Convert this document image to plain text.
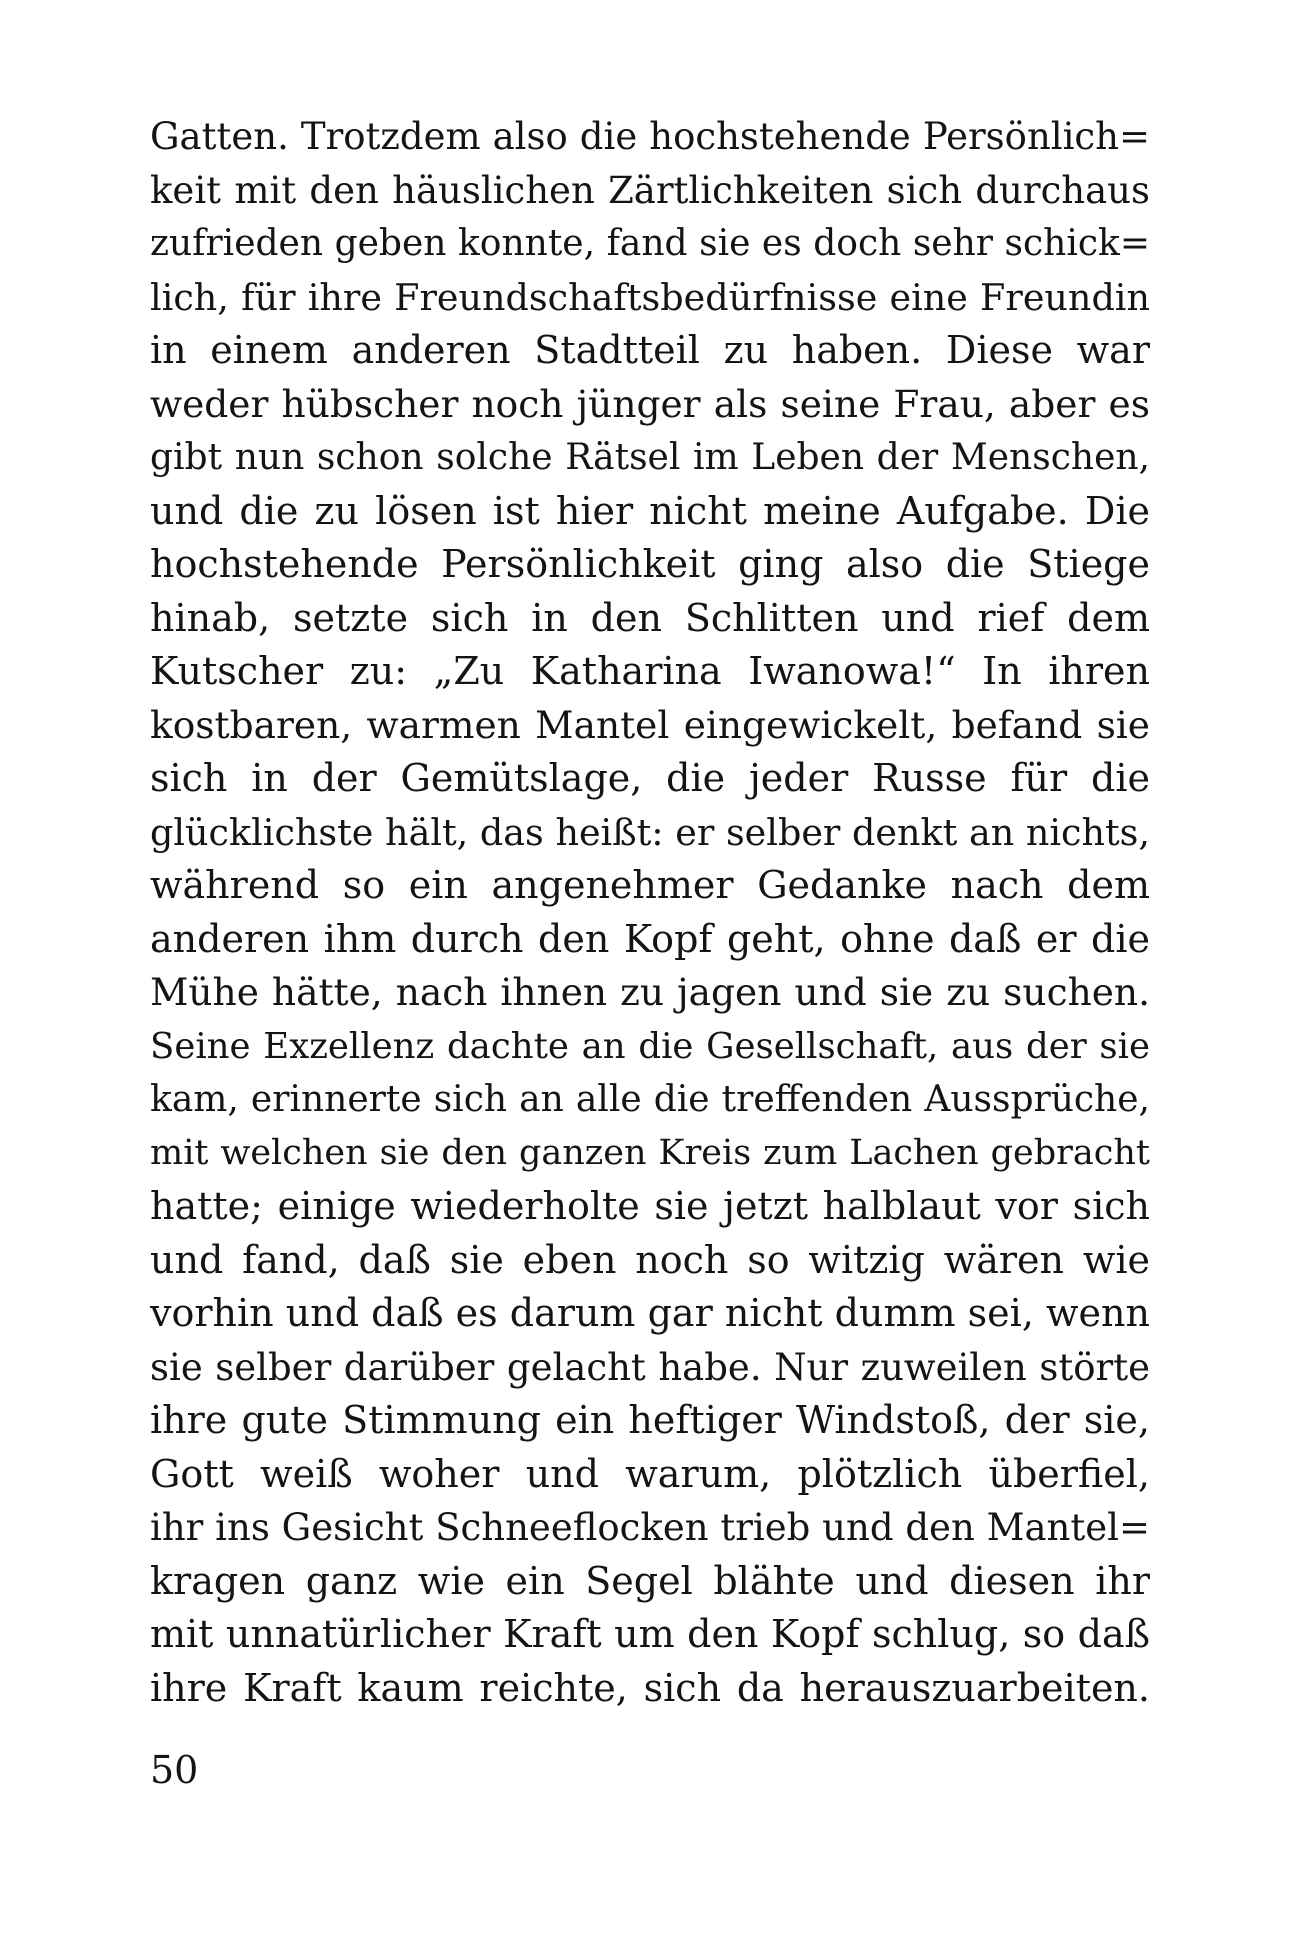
Gatten. Trotzdem also die hochstehende Persönlich=
keit mit den häuslichen Zärtlichkeiten sich durchaus
zufrieden geben konnte, fand sie es doch sehr schick=
lich, für ihre Freundschaftsbedürfnisse eine Freundin
in einem anderen Stadtteil zu haben. Diese war
weder hübscher noch jünger als seine Frau, aber es
gibt nun schon solche Rätsel im Leben der Menschen,
und die zu lösen ist hier nicht meine Aufgabe. Die
hochstehende Persönlichkeit ging also die Stiege
hinab, setzte sich in den Schlitten und rief dem
Kutscher zu: „Zu Katharina Iwanowa!“ In ihren
kostbaren, warmen Mantel eingewickelt, befand sie
sich in der Gemütslage, die jeder Russe für die
glücklichste hält, das heißt: er selber denkt an nichts,
während so ein angenehmer Gedanke nach dem
anderen ihm durch den Kopf geht, ohne daß er die
Mühe hätte, nach ihnen zu jagen und sie zu suchen.
Seine Exzellenz dachte an die Gesellschaft, aus der sie
kam, erinnerte sich an alle die treffenden Aussprüche,
mit welchen sie den ganzen Kreis zum Lachen gebracht
hatte; einige wiederholte sie jetzt halblaut vor sich
und fand, daß sie eben noch so witzig wären wie
vorhin und daß es darum gar nicht dumm sei, wenn
sie selber darüber gelacht habe. Nur zuweilen störte
ihre gute Stimmung ein heftiger Windstoß, der sie,
Gott weiß woher und warum, plötzlich überfiel,
ihr ins Gesicht Schneeflocken trieb und den Mantel=
kragen ganz wie ein Segel blähte und diesen ihr
mit unnatürlicher Kraft um den Kopf schlug, so daß
ihre Kraft kaum reichte, sich da herauszuarbeiten.
50
